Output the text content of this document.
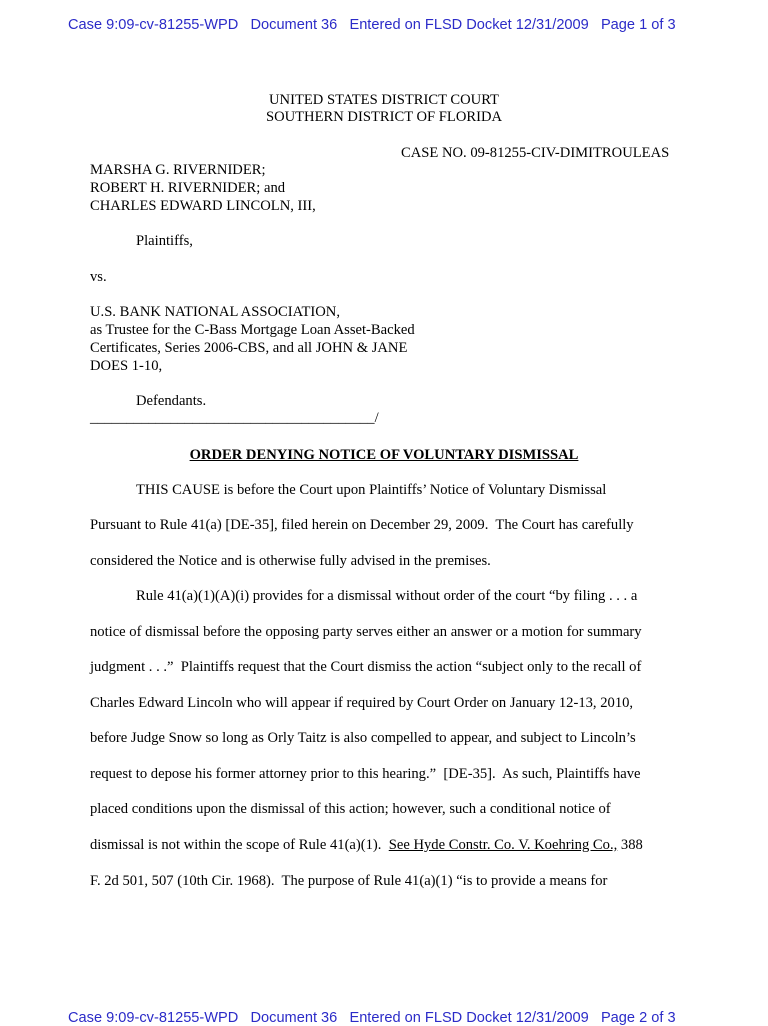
Case 9:09-cv-81255-WPD   Document 36   Entered on FLSD Docket 12/31/2009   Page 1 of 3
UNITED STATES DISTRICT COURT
SOUTHERN DISTRICT OF FLORIDA
CASE NO. 09-81255-CIV-DIMITROULEAS
MARSHA G. RIVERNIDER;
ROBERT H. RIVERNIDER; and
CHARLES EDWARD LINCOLN, III,
Plaintiffs,
vs.
U.S. BANK NATIONAL ASSOCIATION,
as Trustee for the C-Bass Mortgage Loan Asset-Backed
Certificates, Series 2006-CBS, and all JOHN & JANE
DOES 1-10,
Defendants.
_______________________________________/
ORDER DENYING NOTICE OF VOLUNTARY DISMISSAL
THIS CAUSE is before the Court upon Plaintiffs’ Notice of Voluntary Dismissal
Pursuant to Rule 41(a) [DE-35], filed herein on December 29, 2009.  The Court has carefully
considered the Notice and is otherwise fully advised in the premises.
Rule 41(a)(1)(A)(i) provides for a dismissal without order of the court “by filing . . . a
notice of dismissal before the opposing party serves either an answer or a motion for summary
judgment . . .”  Plaintiffs request that the Court dismiss the action “subject only to the recall of
Charles Edward Lincoln who will appear if required by Court Order on January 12-13, 2010,
before Judge Snow so long as Orly Taitz is also compelled to appear, and subject to Lincoln’s
request to depose his former attorney prior to this hearing.”  [DE-35].  As such, Plaintiffs have
placed conditions upon the dismissal of this action; however, such a conditional notice of
dismissal is not within the scope of Rule 41(a)(1).  See Hyde Constr. Co. V. Koehring Co., 388
F. 2d 501, 507 (10th Cir. 1968).  The purpose of Rule 41(a)(1) “is to provide a means for
Case 9:09-cv-81255-WPD   Document 36   Entered on FLSD Docket 12/31/2009   Page 2 of 3
